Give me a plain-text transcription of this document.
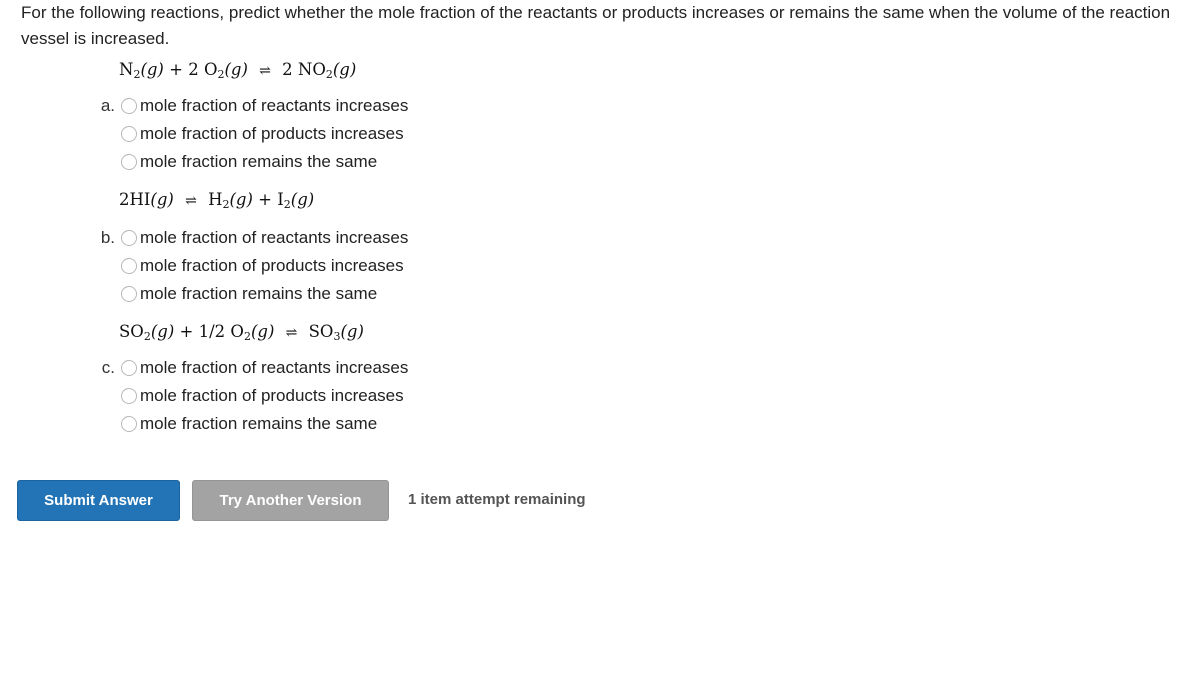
For the following reactions, predict whether the mole fraction of the reactants or products increases or remains the same when the volume of the reaction vessel is increased.
$N_2(g) + 2$ $O_2(g)$ ⇌ 2 $NO_2(g)$
a. mole fraction of reactants increases
mole fraction of products increases
mole fraction remains the same
2HI(g) ⇌ $H_2(g) + I_2(g)$
b. mole fraction of reactants increases
mole fraction of products increases
mole fraction remains the same
$SO_2(g) + 1/2$ $O_2(g)$ ⇌ $SO_3(g)$
c. mole fraction of reactants increases
mole fraction of products increases
mole fraction remains the same
Submit Answer	Try Another Version	1 item attempt remaining
